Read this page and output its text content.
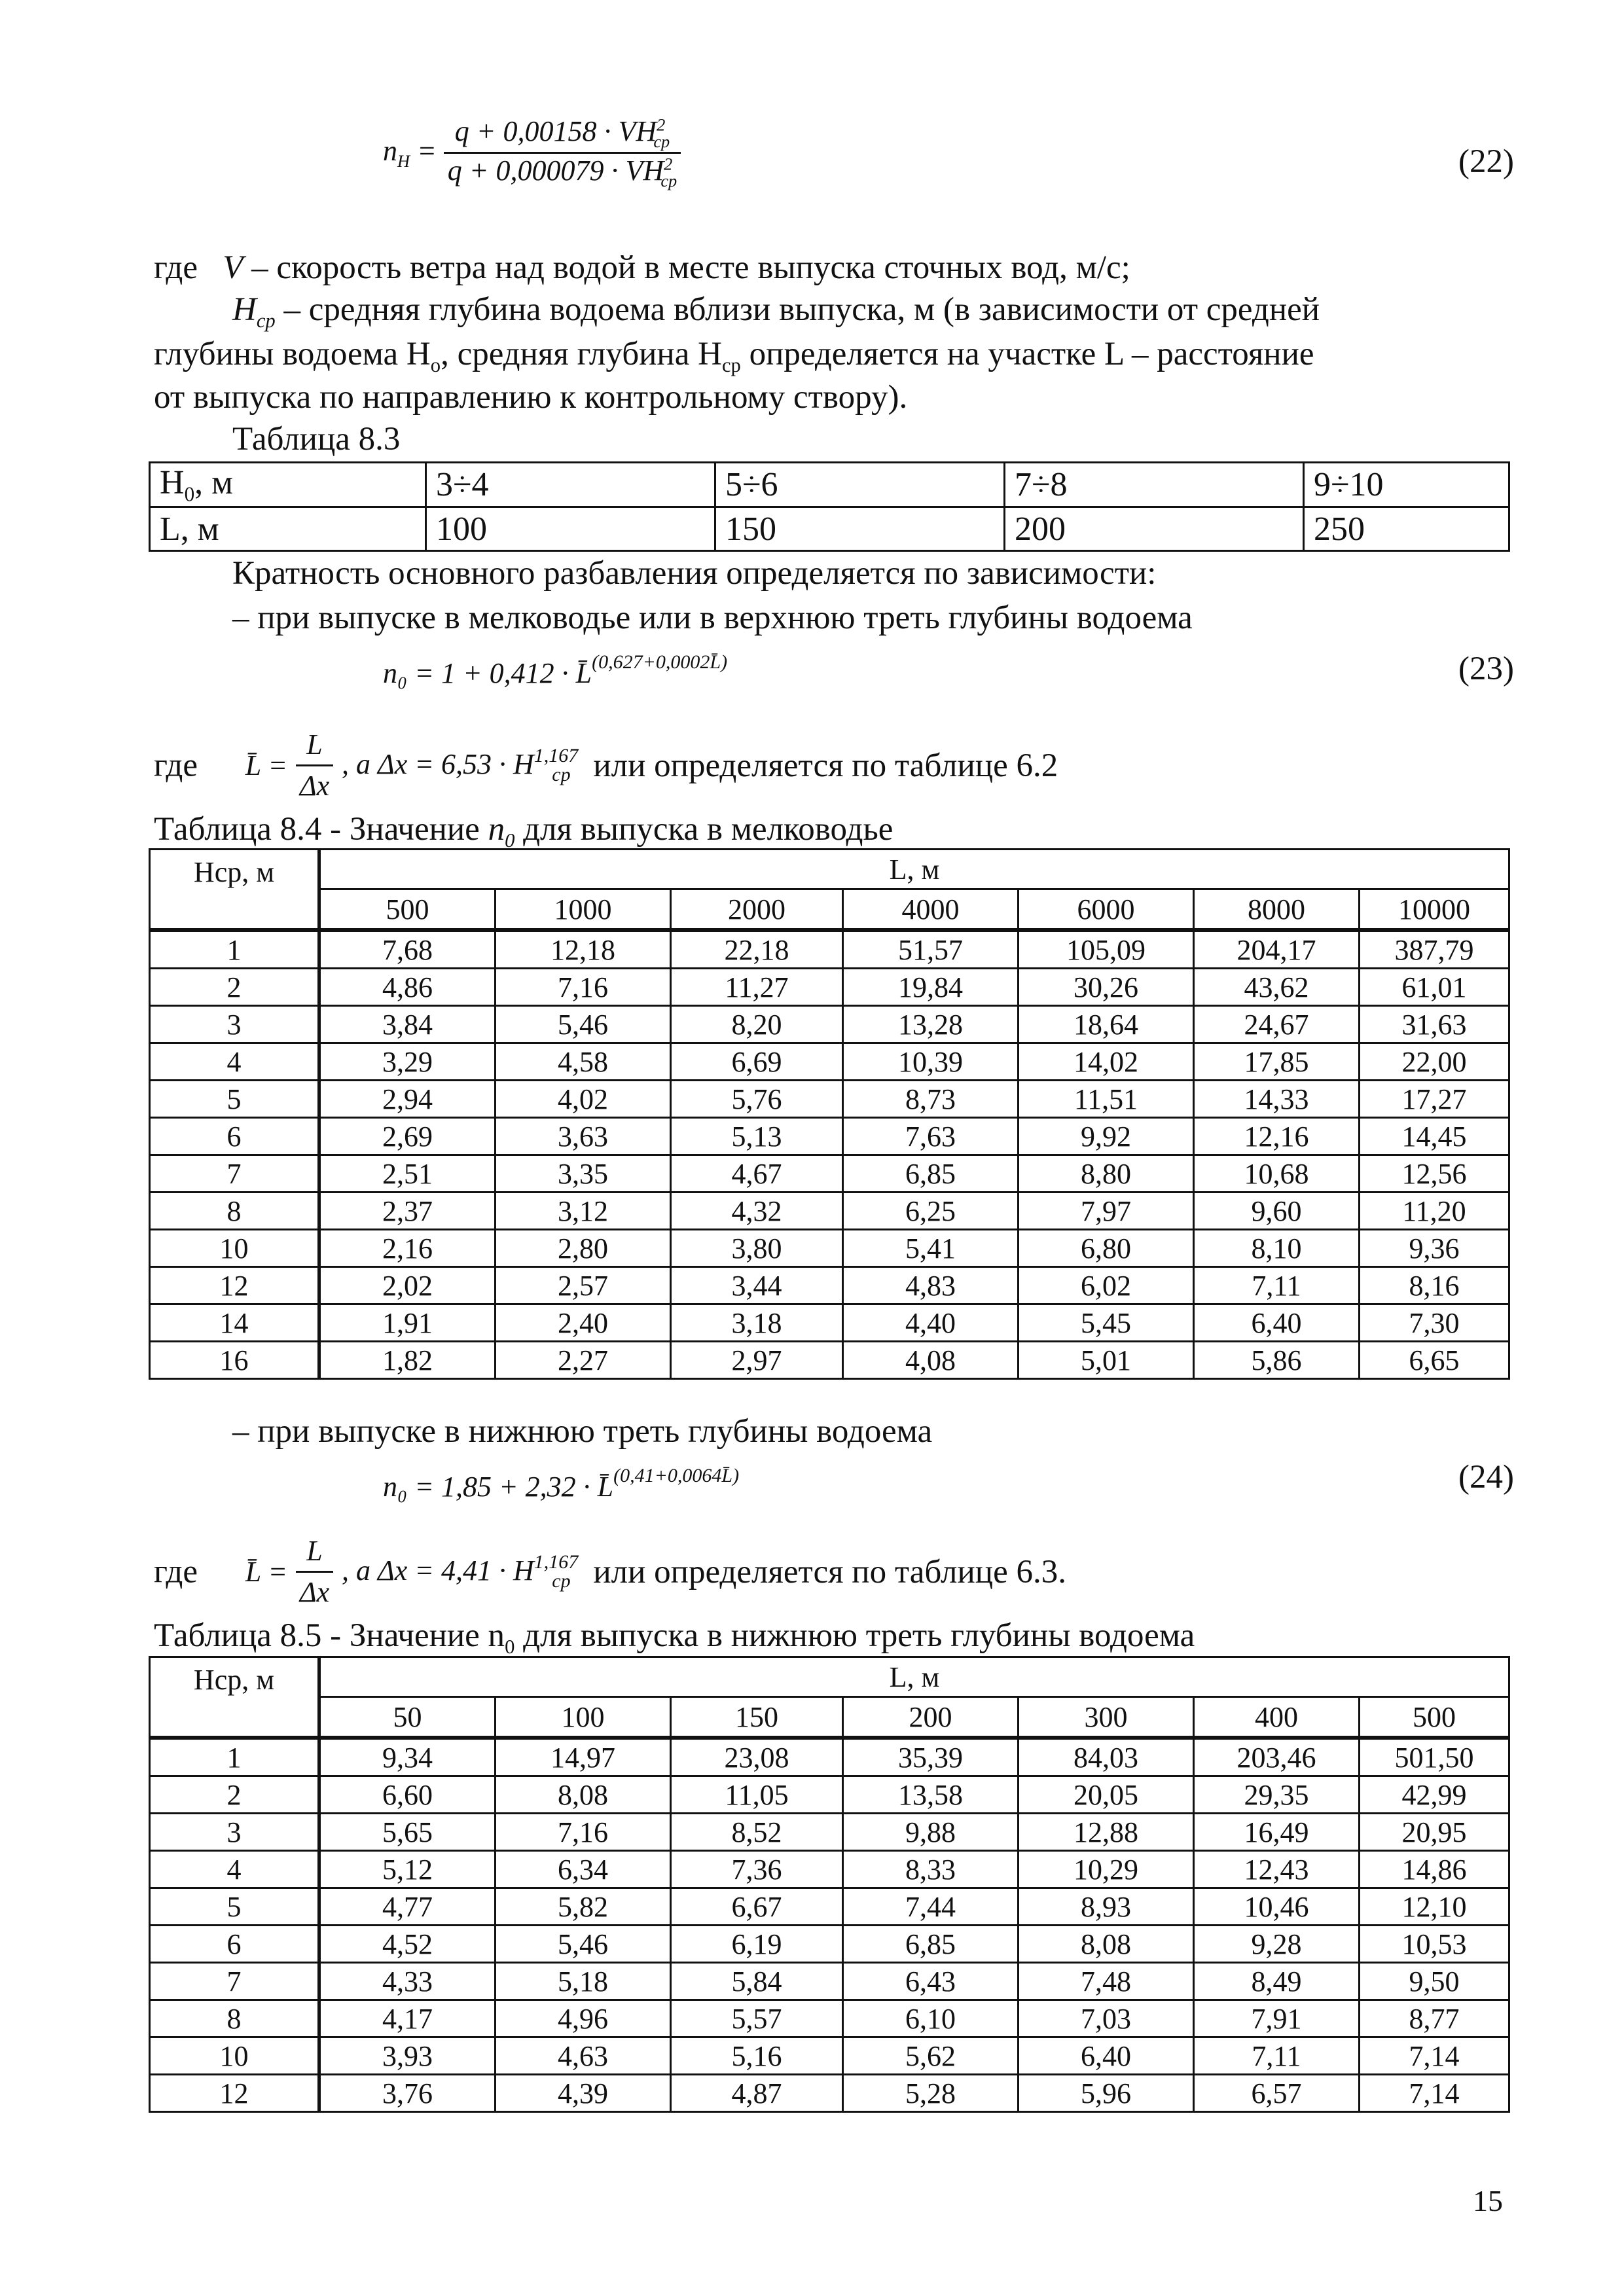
$n_H = \frac{q + 0,00158 \cdot VH^2_{cp}}{q + 0,000079 \cdot VH^2_{cp}}$	(22)
где V – скорость ветра над водой в месте выпуска сточных вод, м/с;
$H_{cp}$ – средняя глубина водоема вблизи выпуска, м (в зависимости от средней
глубины водоема $Н_о$, средняя глубина $Н_{ср}$ определяется на участке L – расстояние
от выпуска по направлению к контрольному створу).
Таблица 8.3
$H_0$, м	3÷4	5÷6	7÷8	9÷10
L, м	100	150	200	250
Кратность основного разбавления определяется по зависимости:
– при выпуске в мелководье или в верхнюю треть глубины водоема
n₀ = 1 + 0,412 · L̄$^{(0,627+0,0002L̄)}$	(23)
где L̄ = $\frac{L}{\Delta x}$ , а Δx = 6,53 · H$^{1,167}_{cp}$ или определяется по таблице 6.2
Таблица 8.4 - Значение $n_0$ для выпуска в мелководье
Нср, м	L, м						
	500	1000	2000	4000	6000	8000	10000
1	7,68	12,18	22,18	51,57	105,09	204,17	387,79
2	4,86	7,16	11,27	19,84	30,26	43,62	61,01
3	3,84	5,46	8,20	13,28	18,64	24,67	31,63
4	3,29	4,58	6,69	10,39	14,02	17,85	22,00
5	2,94	4,02	5,76	8,73	11,51	14,33	17,27
6	2,69	3,63	5,13	7,63	9,92	12,16	14,45
7	2,51	3,35	4,67	6,85	8,80	10,68	12,56
8	2,37	3,12	4,32	6,25	7,97	9,60	11,20
10	2,16	2,80	3,80	5,41	6,80	8,10	9,36
12	2,02	2,57	3,44	4,83	6,02	7,11	8,16
14	1,91	2,40	3,18	4,40	5,45	6,40	7,30
16	1,82	2,27	2,97	4,08	5,01	5,86	6,65
– при выпуске в нижнюю треть глубины водоема
n₀ = 1,85 + 2,32 · L̄$^{(0,41+0,0064L̄)}$	(24)
где L̄ = $\frac{L}{\Delta x}$ , а Δx = 4,41 · H$^{1,167}_{cp}$ или определяется по таблице 6.3.
Таблица 8.5 - Значение $n_0$ для выпуска в нижнюю треть глубины водоема
Нср, м	L, м						
	50	100	150	200	300	400	500
1	9,34	14,97	23,08	35,39	84,03	203,46	501,50
2	6,60	8,08	11,05	13,58	20,05	29,35	42,99
3	5,65	7,16	8,52	9,88	12,88	16,49	20,95
4	5,12	6,34	7,36	8,33	10,29	12,43	14,86
5	4,77	5,82	6,67	7,44	8,93	10,46	12,10
6	4,52	5,46	6,19	6,85	8,08	9,28	10,53
7	4,33	5,18	5,84	6,43	7,48	8,49	9,50
8	4,17	4,96	5,57	6,10	7,03	7,91	8,77
10	3,93	4,63	5,16	5,62	6,40	7,11	7,14
12	3,76	4,39	4,87	5,28	5,96	6,57	7,14
15
